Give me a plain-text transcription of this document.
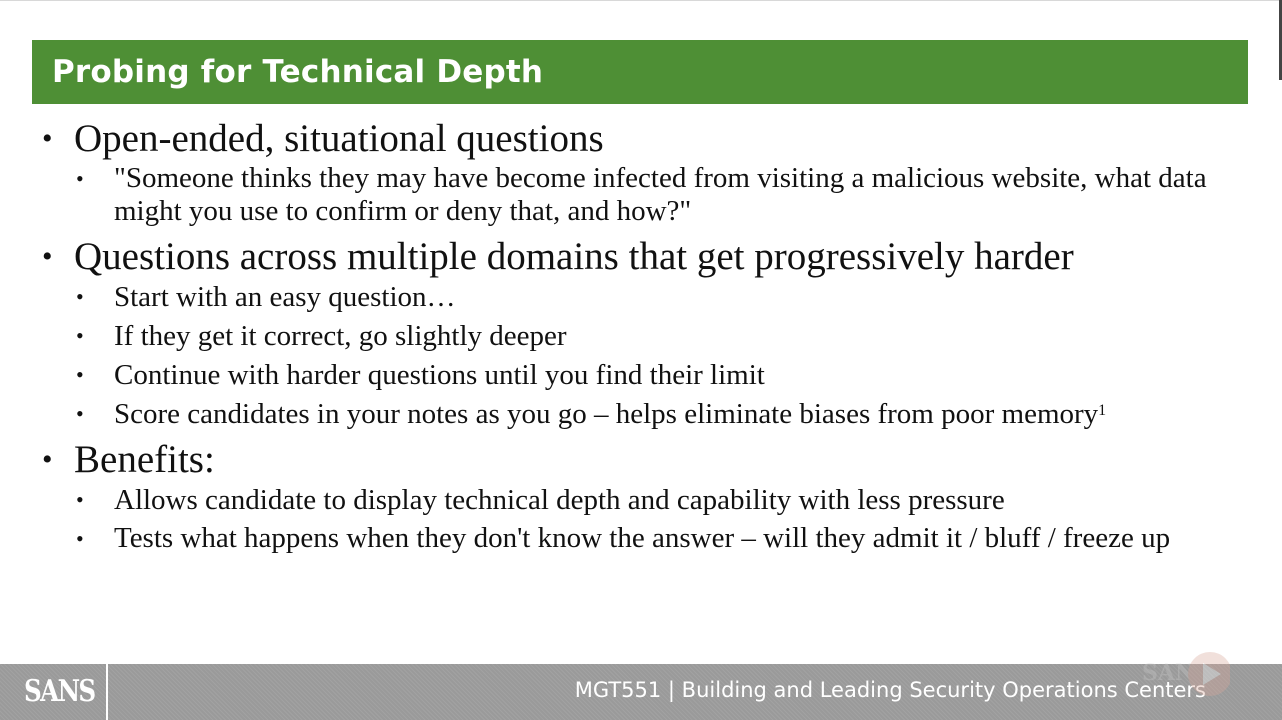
Probing for Technical Depth
• Open-ended, situational questions
• "Someone thinks they may have become infected from visiting a malicious website, what data might you use to confirm or deny that, and how?"
• Questions across multiple domains that get progressively harder
• Start with an easy question…
• If they get it correct, go slightly deeper
• Continue with harder questions until you find their limit
• Score candidates in your notes as you go – helps eliminate biases from poor memory$^1$
• Benefits:
• Allows candidate to display technical depth and capability with less pressure
• Tests what happens when they don't know the answer – will they admit it / bluff / freeze up
SANS	MGT551 | Building and Leading Security Operations Centers
SANS
